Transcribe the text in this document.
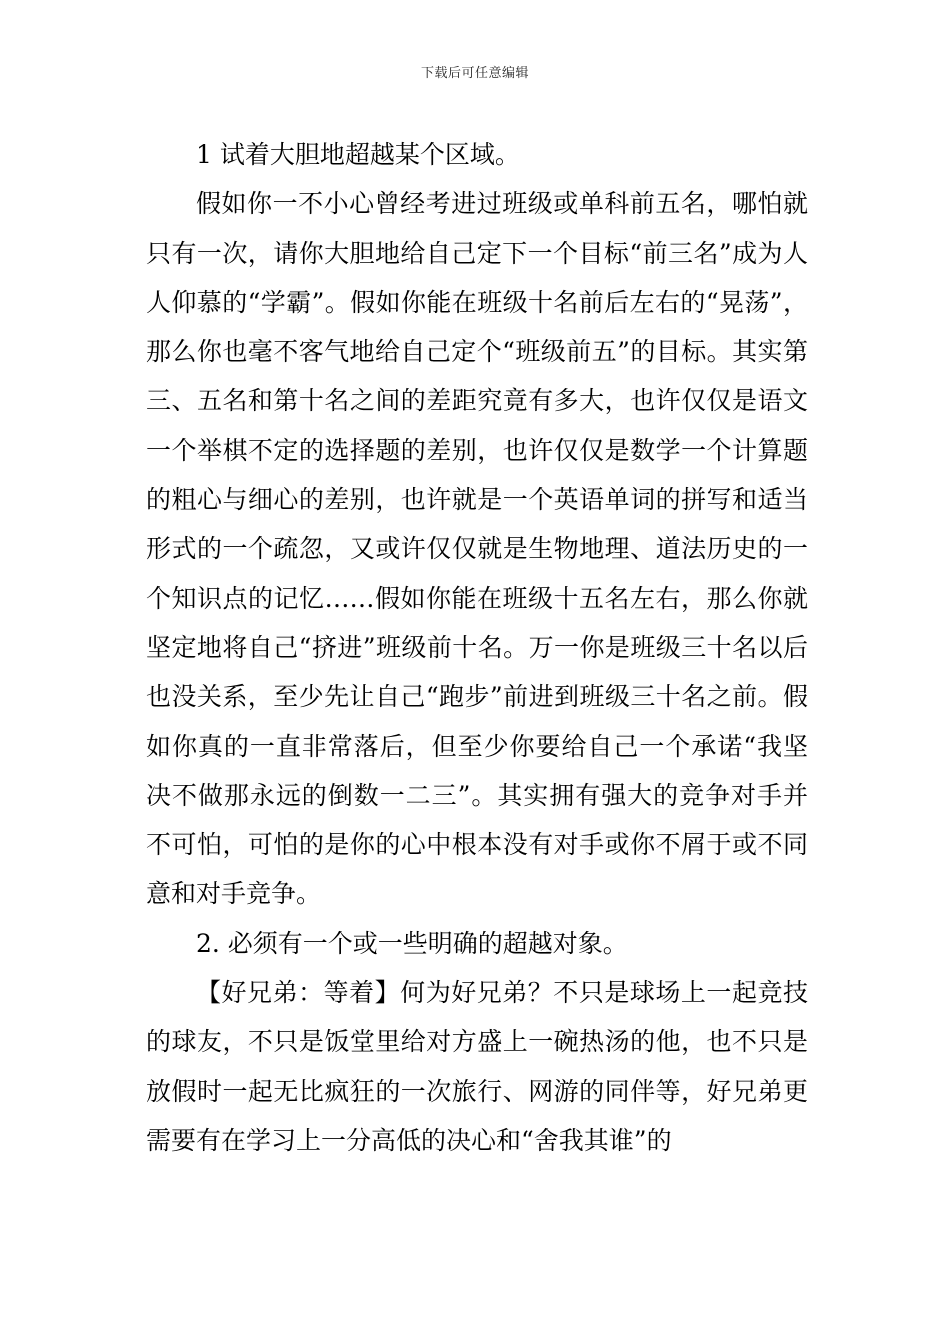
下载后可任意编辑

1 试着大胆地超越某个区域。

假如你一不小心曾经考进过班级或单科前五名，哪怕就只有一次，请你大胆地给自己定下一个目标“前三名”成为人人仰慕的“学霸”。假如你能在班级十名前后左右的“晃荡”，那么你也毫不客气地给自己定个“班级前五”的目标。其实第三、五名和第十名之间的差距究竟有多大，也许仅仅是语文一个举棋不定的选择题的差别，也许仅仅是数学一个计算题的粗心与细心的差别，也许就是一个英语单词的拼写和适当形式的一个疏忽，又或许仅仅就是生物地理、道法历史的一个知识点的记忆……假如你能在班级十五名左右，那么你就坚定地将自己“挤进”班级前十名。万一你是班级三十名以后也没关系，至少先让自己“跑步”前进到班级三十名之前。假如你真的一直非常落后，但至少你要给自己一个承诺“我坚决不做那永远的倒数一二三”。其实拥有强大的竞争对手并不可怕，可怕的是你的心中根本没有对手或你不屑于或不同意和对手竞争。

2. 必须有一个或一些明确的超越对象。

【好兄弟：等着】何为好兄弟？不只是球场上一起竞技的球友，不只是饭堂里给对方盛上一碗热汤的他，也不只是放假时一起无比疯狂的一次旅行、网游的同伴等，好兄弟更需要有在学习上一分高低的决心和“舍我其谁”的
